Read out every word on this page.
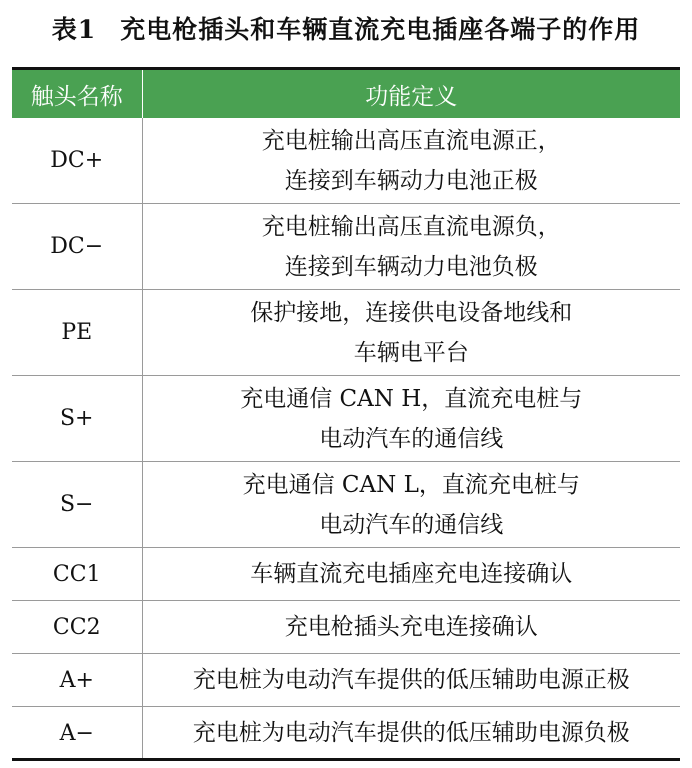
表1 充电枪插头和车辆直流充电插座各端子的作用
触头名称	功能定义
DC+	充电桩输出高压直流电源正，
连接到车辆动力电池正极

DC−	充电桩输出高压直流电源负，
连接到车辆动力电池负极

PE	保护接地，连接供电设备地线和
车辆电平台

S+	充电通信 CAN H，直流充电桩与
电动汽车的通信线

S−	充电通信 CAN L，直流充电桩与
电动汽车的通信线

CC1	车辆直流充电插座充电连接确认

CC2	充电枪插头充电连接确认

A+	充电桩为电动汽车提供的低压辅助电源正极

A−	充电桩为电动汽车提供的低压辅助电源负极
